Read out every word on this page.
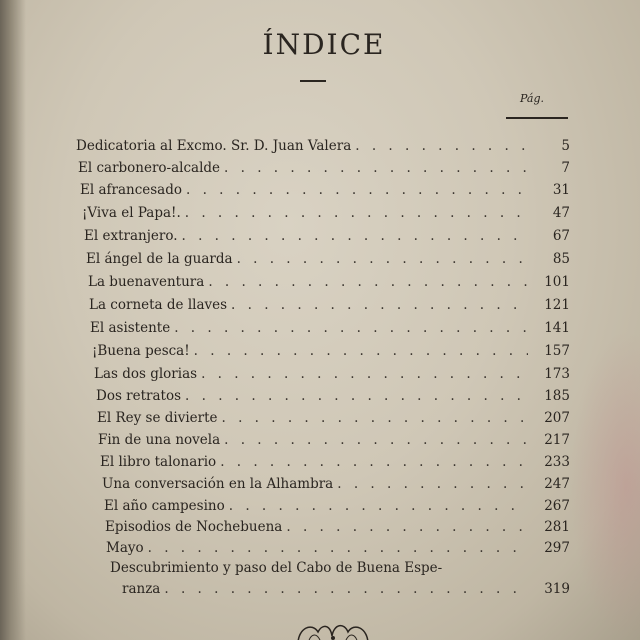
ÍNDICE
Pág.
Dedicatoria al Excmo. Sr. D. Juan Valera . . .	5
El carbonero-alcalde . . .	7
El afrancesado . . .	31
¡Viva el Papa!. . . .	47
El extranjero. . . .	67
El ángel de la guarda . . .	85
La buenaventura . . .	101
La corneta de llaves . . .	121
El asistente . . .	141
¡Buena pesca! . . .	157
Las dos glorias . . .	173
Dos retratos . . .	185
El Rey se divierte . . .	207
Fin de una novela . . .	217
El libro talonario . . .	233
Una conversación en la Alhambra . . .	247
El año campesino . . .	267
Episodios de Nochebuena . . .	281
Mayo . . .	297
Descubrimiento y paso del Cabo de Buena Espe-
ranza . . .	319
